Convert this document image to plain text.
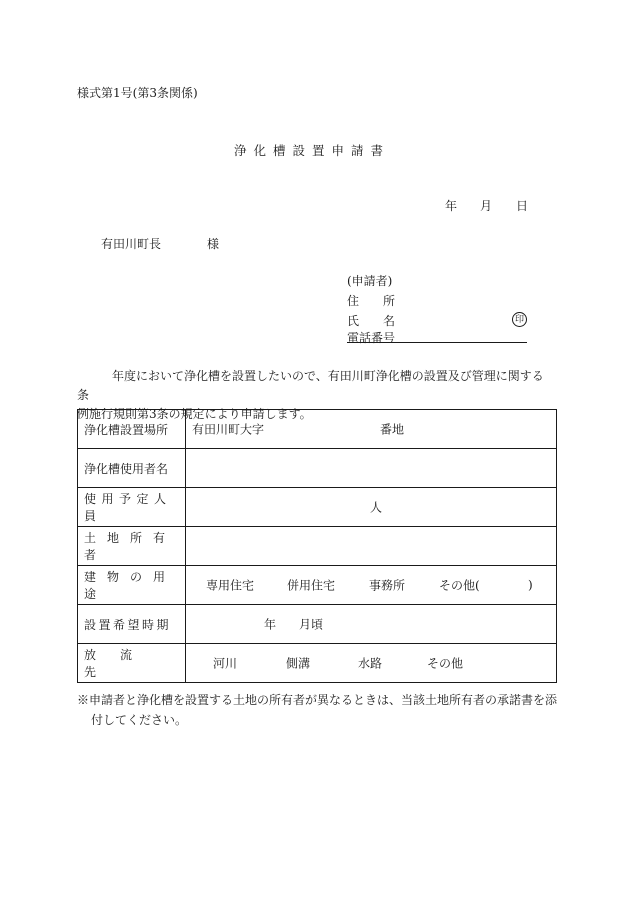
様式第1号(第3条関係)
浄化槽設置申請書
年 月 日
有田川町長	様
(申請者)
住　　所
氏　　名	印
電話番号

年度において浄化槽を設置したいので、有田川町浄化槽の設置及び管理に関する条

例施行規則第3条の規定により申請します。

浄化槽設置場所	有田川町大字 番地

浄化槽使用者名	
使用予定人員	人

土地所有者	
建物の用途	専用住宅 併用住宅 事務所 その他( )

設置希望時期	年 月頃

放流先	河川 側溝 水路 その他

※申請者と浄化槽を設置する土地の所有者が異なるときは、当該土地所有者の承諾書を添

付してください。
